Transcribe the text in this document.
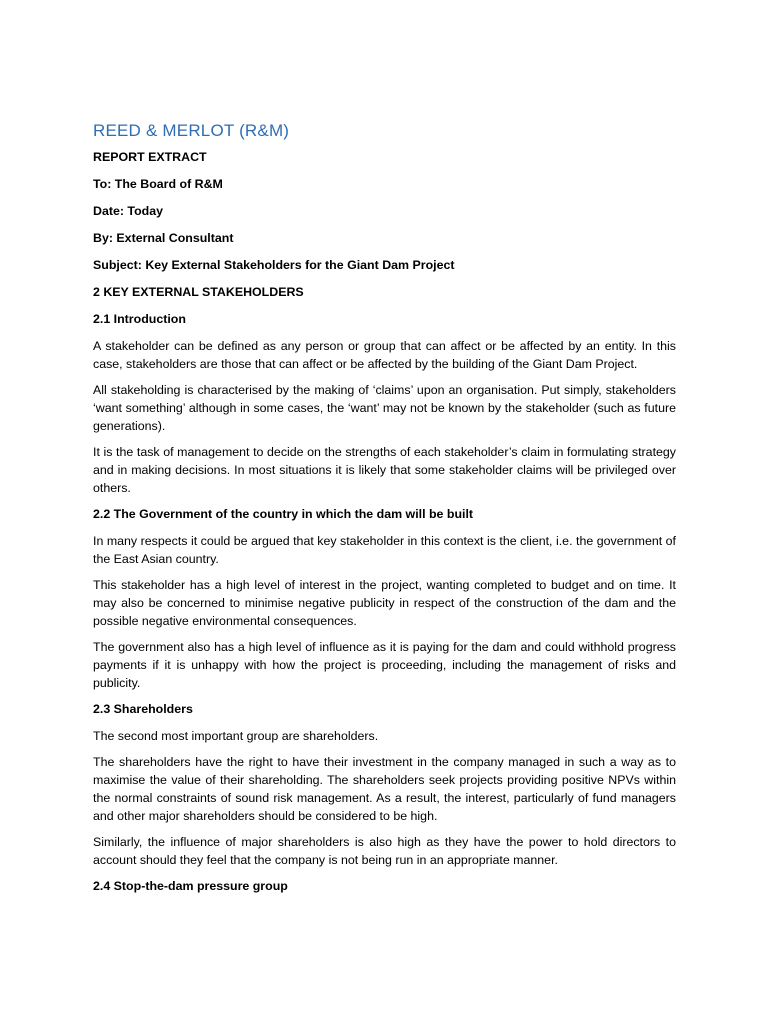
REED & MERLOT (R&M)
REPORT EXTRACT
To: The Board of R&M
Date: Today
By: External Consultant
Subject: Key External Stakeholders for the Giant Dam Project
2 KEY EXTERNAL STAKEHOLDERS
2.1 Introduction

A stakeholder can be defined as any person or group that can affect or be affected by an entity. In this case, stakeholders are those that can affect or be affected by the building of the Giant Dam Project.

All stakeholding is characterised by the making of ‘claims’ upon an organisation. Put simply, stakeholders ‘want something’ although in some cases, the ‘want’ may not be known by the stakeholder (such as future generations).

It is the task of management to decide on the strengths of each stakeholder’s claim in formulating strategy and in making decisions. In most situations it is likely that some stakeholder claims will be privileged over others.

2.2 The Government of the country in which the dam will be built

In many respects it could be argued that key stakeholder in this context is the client, i.e. the government of the East Asian country.

This stakeholder has a high level of interest in the project, wanting completed to budget and on time. It may also be concerned to minimise negative publicity in respect of the construction of the dam and the possible negative environmental consequences.

The government also has a high level of influence as it is paying for the dam and could withhold progress payments if it is unhappy with how the project is proceeding, including the management of risks and publicity.

2.3 Shareholders

The second most important group are shareholders.

The shareholders have the right to have their investment in the company managed in such a way as to maximise the value of their shareholding. The shareholders seek projects providing positive NPVs within the normal constraints of sound risk management. As a result, the interest, particularly of fund managers and other major shareholders should be considered to be high.

Similarly, the influence of major shareholders is also high as they have the power to hold directors to account should they feel that the company is not being run in an appropriate manner.

2.4 Stop-the-dam pressure group
